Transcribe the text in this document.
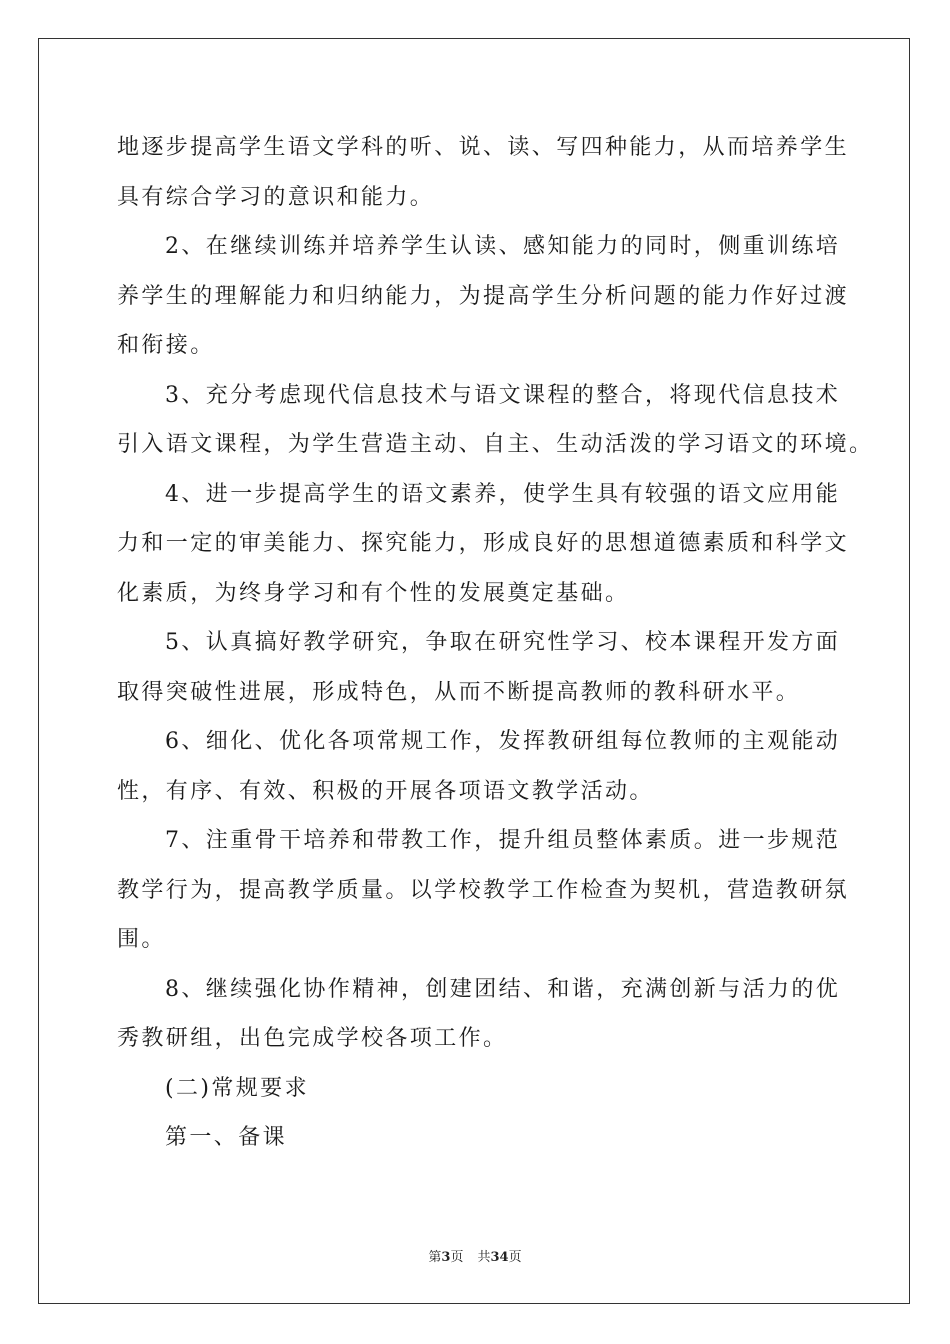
地逐步提高学生语文学科的听、说、读、写四种能力，从而培养学生
具有综合学习的意识和能力。
2、在继续训练并培养学生认读、感知能力的同时，侧重训练培
养学生的理解能力和归纳能力，为提高学生分析问题的能力作好过渡
和衔接。
3、充分考虑现代信息技术与语文课程的整合，将现代信息技术
引入语文课程，为学生营造主动、自主、生动活泼的学习语文的环境。
4、进一步提高学生的语文素养，使学生具有较强的语文应用能
力和一定的审美能力、探究能力，形成良好的思想道德素质和科学文
化素质，为终身学习和有个性的发展奠定基础。
5、认真搞好教学研究，争取在研究性学习、校本课程开发方面
取得突破性进展，形成特色，从而不断提高教师的教科研水平。
6、细化、优化各项常规工作，发挥教研组每位教师的主观能动
性，有序、有效、积极的开展各项语文教学活动。
7、注重骨干培养和带教工作，提升组员整体素质。进一步规范
教学行为，提高教学质量。以学校教学工作检查为契机，营造教研氛
围。
8、继续强化协作精神，创建团结、和谐，充满创新与活力的优
秀教研组，出色完成学校各项工作。
(二)常规要求
第一、备课
第3页 共34页
